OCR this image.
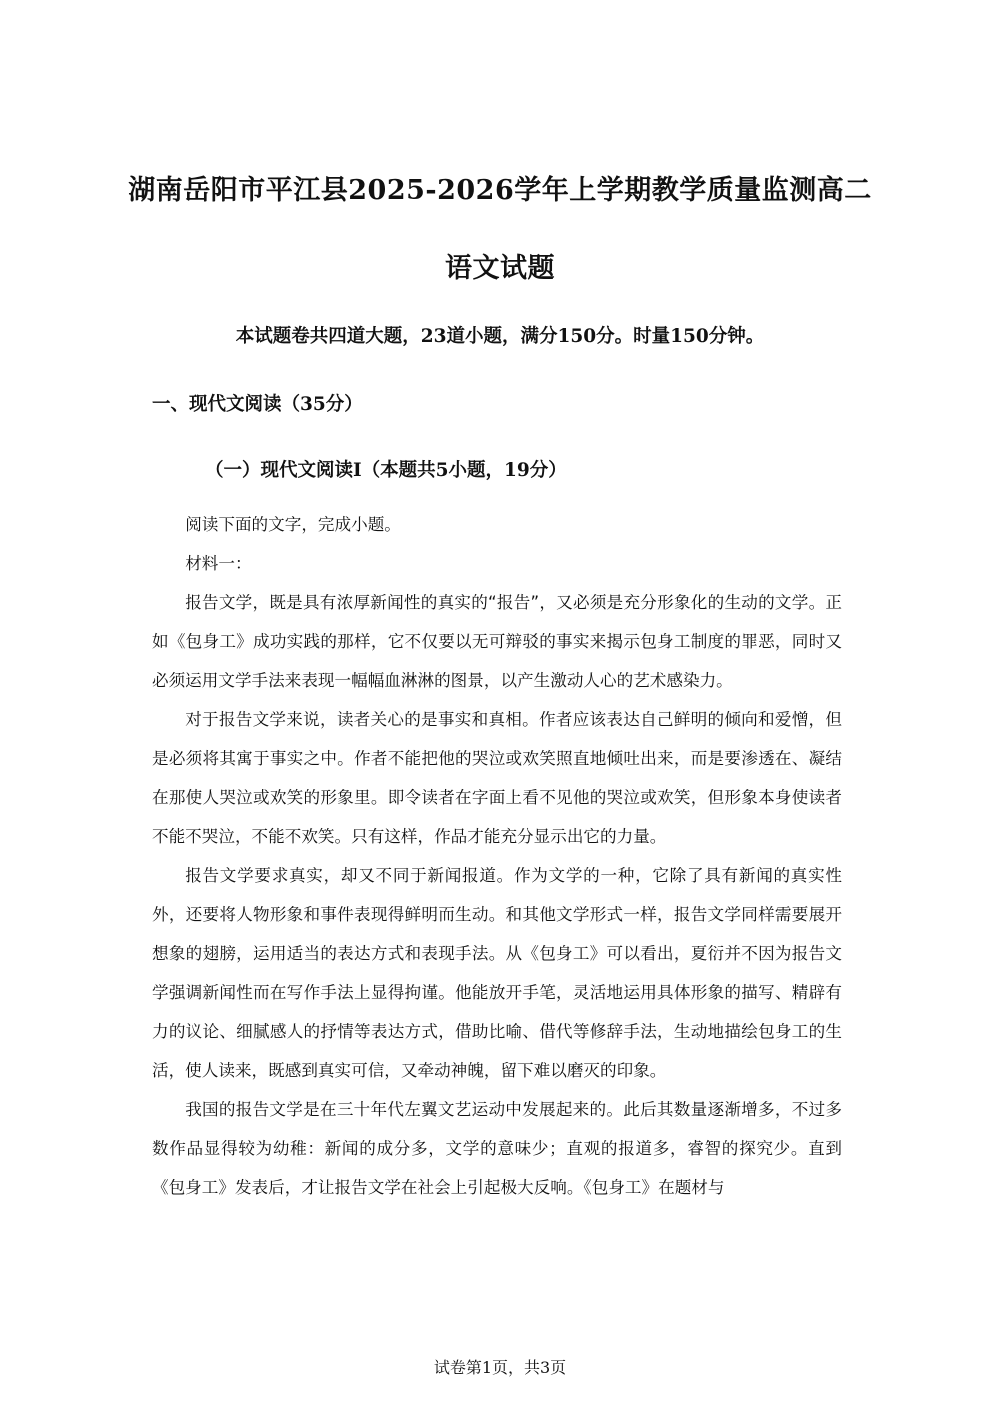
湖南岳阳市平江县2025-2026学年上学期教学质量监测高二
语文试题

本试题卷共四道大题，23道小题，满分150分。时量150分钟。

一、现代文阅读（35分）
（一）现代文阅读I（本题共5小题，19分）

阅读下面的文字，完成小题。

材料一：

报告文学，既是具有浓厚新闻性的真实的“报告”，又必须是充分形象化的生动的文学。正如《包身工》成功实践的那样，它不仅要以无可辩驳的事实来揭示包身工制度的罪恶，同时又必须运用文学手法来表现一幅幅血淋淋的图景，以产生激动人心的艺术感染力。

对于报告文学来说，读者关心的是事实和真相。作者应该表达自己鲜明的倾向和爱憎，但是必须将其寓于事实之中。作者不能把他的哭泣或欢笑照直地倾吐出来，而是要渗透在、凝结在那使人哭泣或欢笑的形象里。即令读者在字面上看不见他的哭泣或欢笑，但形象本身使读者不能不哭泣，不能不欢笑。只有这样，作品才能充分显示出它的力量。

报告文学要求真实，却又不同于新闻报道。作为文学的一种，它除了具有新闻的真实性外，还要将人物形象和事件表现得鲜明而生动。和其他文学形式一样，报告文学同样需要展开想象的翅膀，运用适当的表达方式和表现手法。从《包身工》可以看出，夏衍并不因为报告文学强调新闻性而在写作手法上显得拘谨。他能放开手笔，灵活地运用具体形象的描写、精辟有力的议论、细腻感人的抒情等表达方式，借助比喻、借代等修辞手法，生动地描绘包身工的生活，使人读来，既感到真实可信，又牵动神魄，留下难以磨灭的印象。

我国的报告文学是在三十年代左翼文艺运动中发展起来的。此后其数量逐渐增多，不过多数作品显得较为幼稚：新闻的成分多，文学的意味少；直观的报道多，睿智的探究少。直到《包身工》发表后，才让报告文学在社会上引起极大反响。《包身工》在题材与

试卷第1页，共3页
